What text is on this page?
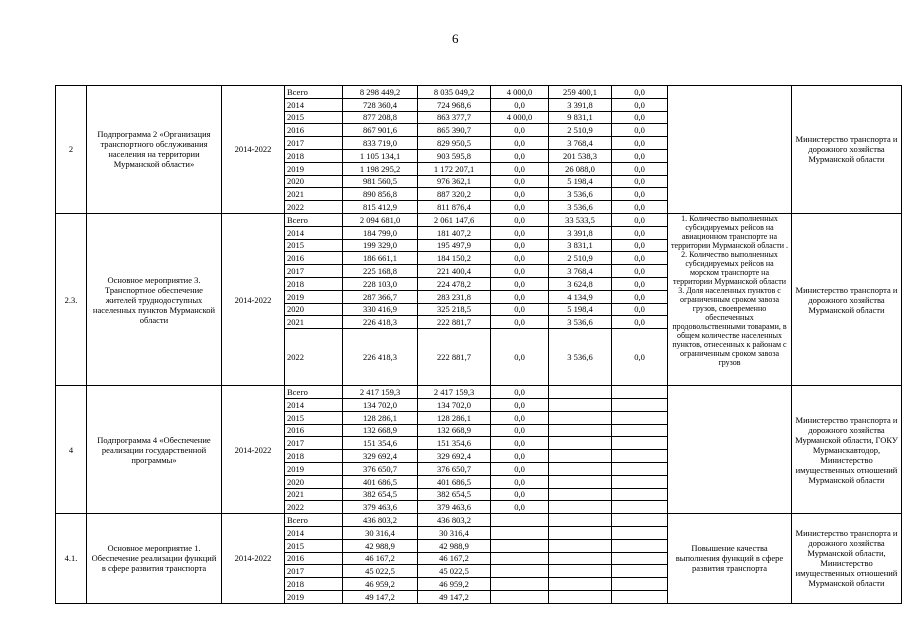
6
2	Подпрограмма 2 «Организация транспортного обслуживания населения на территории Мурманской области»	2014-2022	Всего	8 298 449,2	8 035 049,2	4 000,0	259 400,1	0,0		Министерство транспорта и дорожного хозяйства Мурманской области
			2014	728 360,4	724 968,6	0,0	3 391,8	0,0		
			2015	877 208,8	863 377,7	4 000,0	9 831,1	0,0		
			2016	867 901,6	865 390,7	0,0	2 510,9	0,0		
			2017	833 719,0	829 950,5	0,0	3 768,4	0,0		
			2018	1 105 134,1	903 595,8	0,0	201 538,3	0,0		
			2019	1 198 295,2	1 172 207,1	0,0	26 088,0	0,0		
			2020	981 560,5	976 362,1	0,0	5 198,4	0,0		
			2021	890 856,8	887 320,2	0,0	3 536,6	0,0		
			2022	815 412,9	811 876,4	0,0	3 536,6	0,0		
2.3.	Основное мероприятие 3. Транспортное обеспечение жителей труднодоступных населенных пунктов Мурманской области	2014-2022	Всего	2 094 681,0	2 061 147,6	0,0	33 533,5	0,0	1. Количество выполненных субсидируемых рейсов на авиационном транспорте на территории Мурманской области . 2. Количество выполненных субсидируемых рейсов на морском транспорте на территории Мурманской области 3. Доля населенных пунктов с ограниченным сроком завоза грузов, своевременно обеспеченных продовольственными товарами, в общем количестве населенных пунктов, отнесенных к районам с ограниченным сроком завоза грузов	Министерство транспорта и дорожного хозяйства Мурманской области
			2014	184 799,0	181 407,2	0,0	3 391,8	0,0		
			2015	199 329,0	195 497,9	0,0	3 831,1	0,0		
			2016	186 661,1	184 150,2	0,0	2 510,9	0,0		
			2017	225 168,8	221 400,4	0,0	3 768,4	0,0		
			2018	228 103,0	224 478,2	0,0	3 624,8	0,0		
			2019	287 366,7	283 231,8	0,0	4 134,9	0,0		
			2020	330 416,9	325 218,5	0,0	5 198,4	0,0		
			2021	226 418,3	222 881,7	0,0	3 536,6	0,0		
			2022	226 418,3	222 881,7	0,0	3 536,6	0,0		
4	Подпрограмма 4 «Обеспечение реализации государственной программы»	2014-2022	Всего	2 417 159,3	2 417 159,3	0,0				Министерство транспорта и дорожного хозяйства Мурманской области, ГОКУ Мурманскавтодор, Министерство имущественных отношений Мурманской области
			2014	134 702,0	134 702,0	0,0				
			2015	128 286,1	128 286,1	0,0				
			2016	132 668,9	132 668,9	0,0				
			2017	151 354,6	151 354,6	0,0				
			2018	329 692,4	329 692,4	0,0				
			2019	376 650,7	376 650,7	0,0				
			2020	401 686,5	401 686,5	0,0				
			2021	382 654,5	382 654,5	0,0				
			2022	379 463,6	379 463,6	0,0				
4.1.	Основное мероприятие 1. Обеспечение реализации функций в сфере развития транспорта	2014-2022	Всего	436 803,2	436 803,2				Повышение качества выполнения функций в сфере развития транспорта	Министерство транспорта и дорожного хозяйства Мурманской области, Министерство имущественных отношений Мурманской области
			2014	30 316,4	30 316,4					
			2015	42 988,9	42 988,9					
			2016	46 167,2	46 167,2					
			2017	45 022,5	45 022,5					
			2018	46 959,2	46 959,2					
			2019	49 147,2	49 147,2					
